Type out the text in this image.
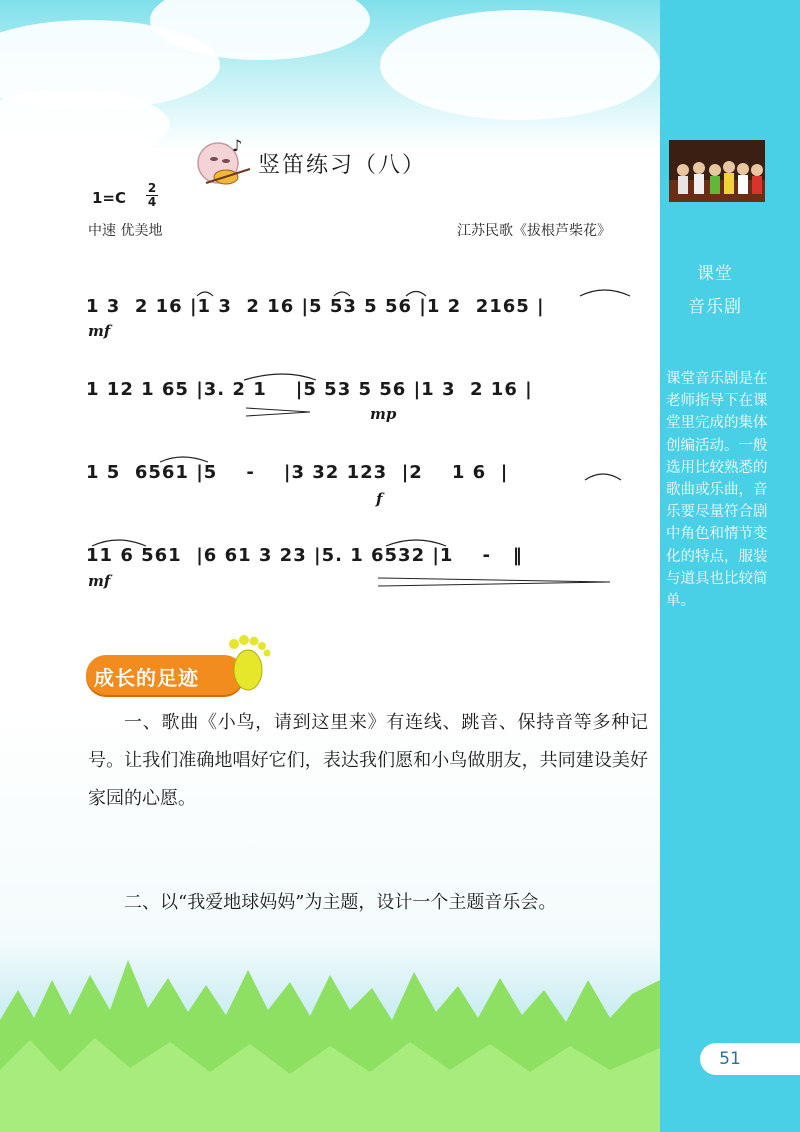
课堂
音乐剧
课堂音乐剧是在老师指导下在课堂里完成的集体创编活动。一般选用比较熟悉的歌曲或乐曲，音乐要尽量符合剧中角色和情节变化的特点，服装与道具也比较简单。
51
♪
竖笛练习（八）
1=C
2
4
中速 优美地	江苏民歌《拔根芦柴花》
1 3  2 16 |1 3  2 16 |5 53 5 56 |1 2  2165 |
1 12 1 65 |3. 2 1    |5 53 5 56 |1 3  2 16 |
1 5  6561 |5    -    |3 32 123  |2    1 6  |
11 6 561  |6 61 3 23 |5. 1 6532 |1    -   ‖
mf
mp
f
mf
成长的足迹
一、歌曲《小鸟，请到这里来》有连线、跳音、保持音等多种记号。让我们准确地唱好它们，表达我们愿和小鸟做朋友，共同建设美好家园的心愿。
二、以“我爱地球妈妈”为主题，设计一个主题音乐会。
